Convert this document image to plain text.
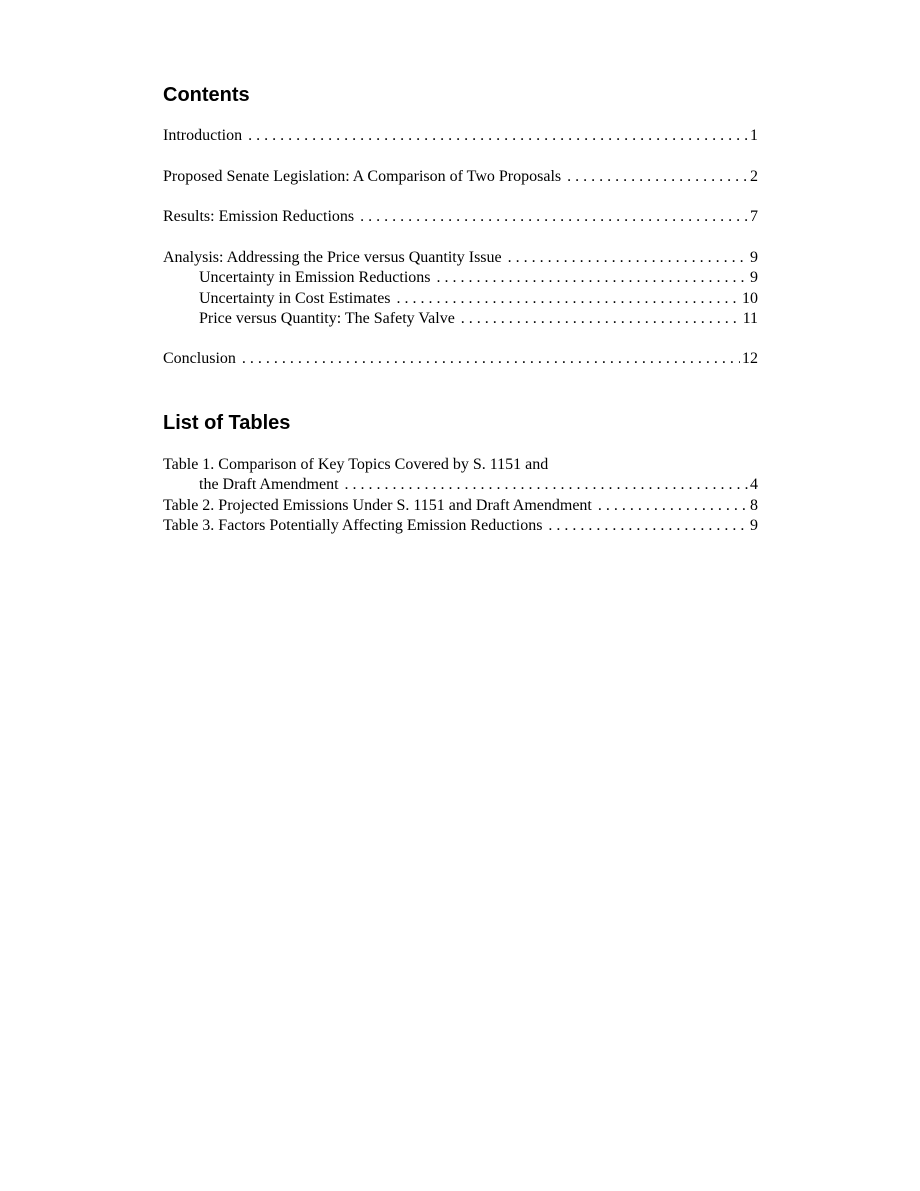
Contents
Introduction . . .	1
Proposed Senate Legislation: A Comparison of Two Proposals . . .	2
Results: Emission Reductions . . .	7
Analysis: Addressing the Price versus Quantity Issue . . .	9
Uncertainty in Emission Reductions . . .	9
Uncertainty in Cost Estimates . . .	10
Price versus Quantity: The Safety Valve . . .	11
Conclusion . . .	12
List of Tables
Table 1. Comparison of Key Topics Covered by S. 1151 and
the Draft Amendment . . .	4
Table 2. Projected Emissions Under S. 1151 and Draft Amendment . . .	8
Table 3. Factors Potentially Affecting Emission Reductions . . .	9
